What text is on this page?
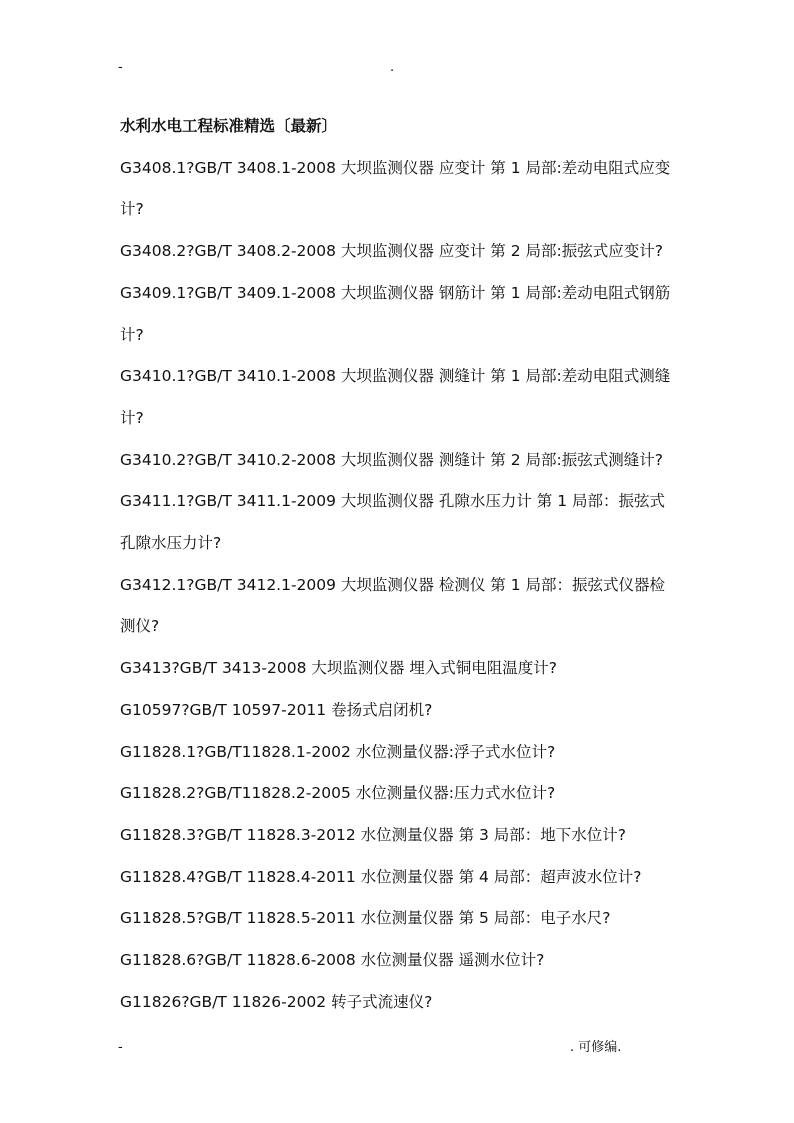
-	.

水利水电工程标准精选〔最新〕

G3408.1?GB/T 3408.1-2008 大坝监测仪器 应变计 第 1 局部:差动电阻式应变

计?

G3408.2?GB/T 3408.2-2008 大坝监测仪器 应变计 第 2 局部:振弦式应变计?

G3409.1?GB/T 3409.1-2008 大坝监测仪器 钢筋计 第 1 局部:差动电阻式钢筋

计?

G3410.1?GB/T 3410.1-2008 大坝监测仪器 测缝计 第 1 局部:差动电阻式测缝

计?

G3410.2?GB/T 3410.2-2008 大坝监测仪器 测缝计 第 2 局部:振弦式测缝计?

G3411.1?GB/T 3411.1-2009 大坝监测仪器 孔隙水压力计 第 1 局部：振弦式

孔隙水压力计?

G3412.1?GB/T 3412.1-2009 大坝监测仪器 检测仪 第 1 局部：振弦式仪器检

测仪?

G3413?GB/T 3413-2008 大坝监测仪器 埋入式铜电阻温度计?

G10597?GB/T 10597-2011 卷扬式启闭机?

G11828.1?GB/T11828.1-2002 水位测量仪器:浮子式水位计?

G11828.2?GB/T11828.2-2005 水位测量仪器:压力式水位计?

G11828.3?GB/T 11828.3-2012 水位测量仪器 第 3 局部：地下水位计?

G11828.4?GB/T 11828.4-2011 水位测量仪器 第 4 局部：超声波水位计?

G11828.5?GB/T 11828.5-2011 水位测量仪器 第 5 局部：电子水尺?

G11828.6?GB/T 11828.6-2008 水位测量仪器 遥测水位计?

G11826?GB/T 11826-2002 转子式流速仪?

-	. 可修编.
